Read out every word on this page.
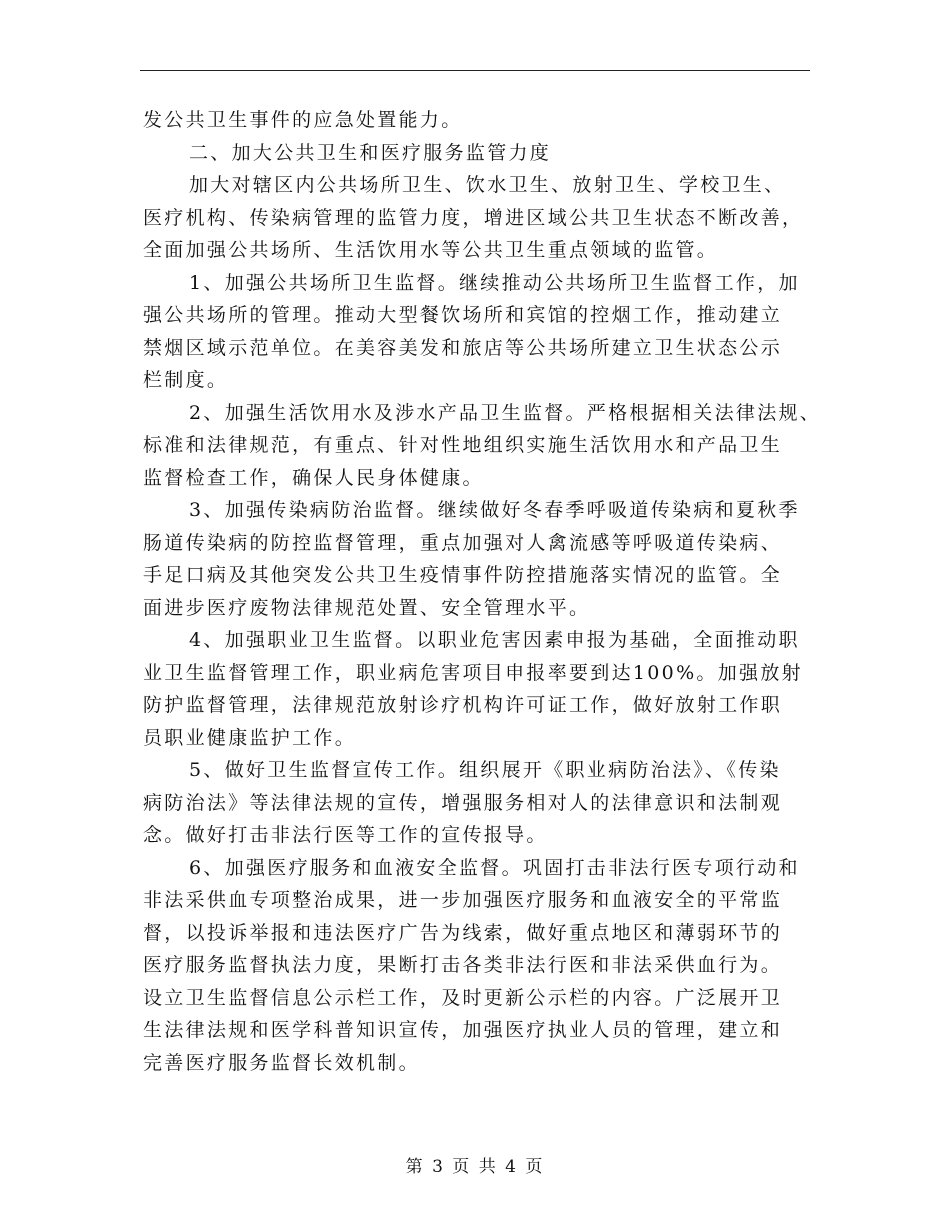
发公共卫生事件的应急处置能力。
二、加大公共卫生和医疗服务监管力度
加大对辖区内公共场所卫生、饮水卫生、放射卫生、学校卫生、
医疗机构、传染病管理的监管力度，增进区域公共卫生状态不断改善，
全面加强公共场所、生活饮用水等公共卫生重点领域的监管。
1、加强公共场所卫生监督。继续推动公共场所卫生监督工作，加
强公共场所的管理。推动大型餐饮场所和宾馆的控烟工作，推动建立
禁烟区域示范单位。在美容美发和旅店等公共场所建立卫生状态公示
栏制度。
2、加强生活饮用水及涉水产品卫生监督。严格根据相关法律法规、
标准和法律规范，有重点、针对性地组织实施生活饮用水和产品卫生
监督检查工作，确保人民身体健康。
3、加强传染病防治监督。继续做好冬春季呼吸道传染病和夏秋季
肠道传染病的防控监督管理，重点加强对人禽流感等呼吸道传染病、
手足口病及其他突发公共卫生疫情事件防控措施落实情况的监管。全
面进步医疗废物法律规范处置、安全管理水平。
4、加强职业卫生监督。以职业危害因素申报为基础，全面推动职
业卫生监督管理工作，职业病危害项目申报率要到达100%。加强放射
防护监督管理，法律规范放射诊疗机构许可证工作，做好放射工作职
员职业健康监护工作。
5、做好卫生监督宣传工作。组织展开《职业病防治法》、《传染
病防治法》等法律法规的宣传，增强服务相对人的法律意识和法制观
念。做好打击非法行医等工作的宣传报导。
6、加强医疗服务和血液安全监督。巩固打击非法行医专项行动和
非法采供血专项整治成果，进一步加强医疗服务和血液安全的平常监
督，以投诉举报和违法医疗广告为线索，做好重点地区和薄弱环节的
医疗服务监督执法力度，果断打击各类非法行医和非法采供血行为。
设立卫生监督信息公示栏工作，及时更新公示栏的内容。广泛展开卫
生法律法规和医学科普知识宣传，加强医疗执业人员的管理，建立和
完善医疗服务监督长效机制。
第 3 页 共 4 页
